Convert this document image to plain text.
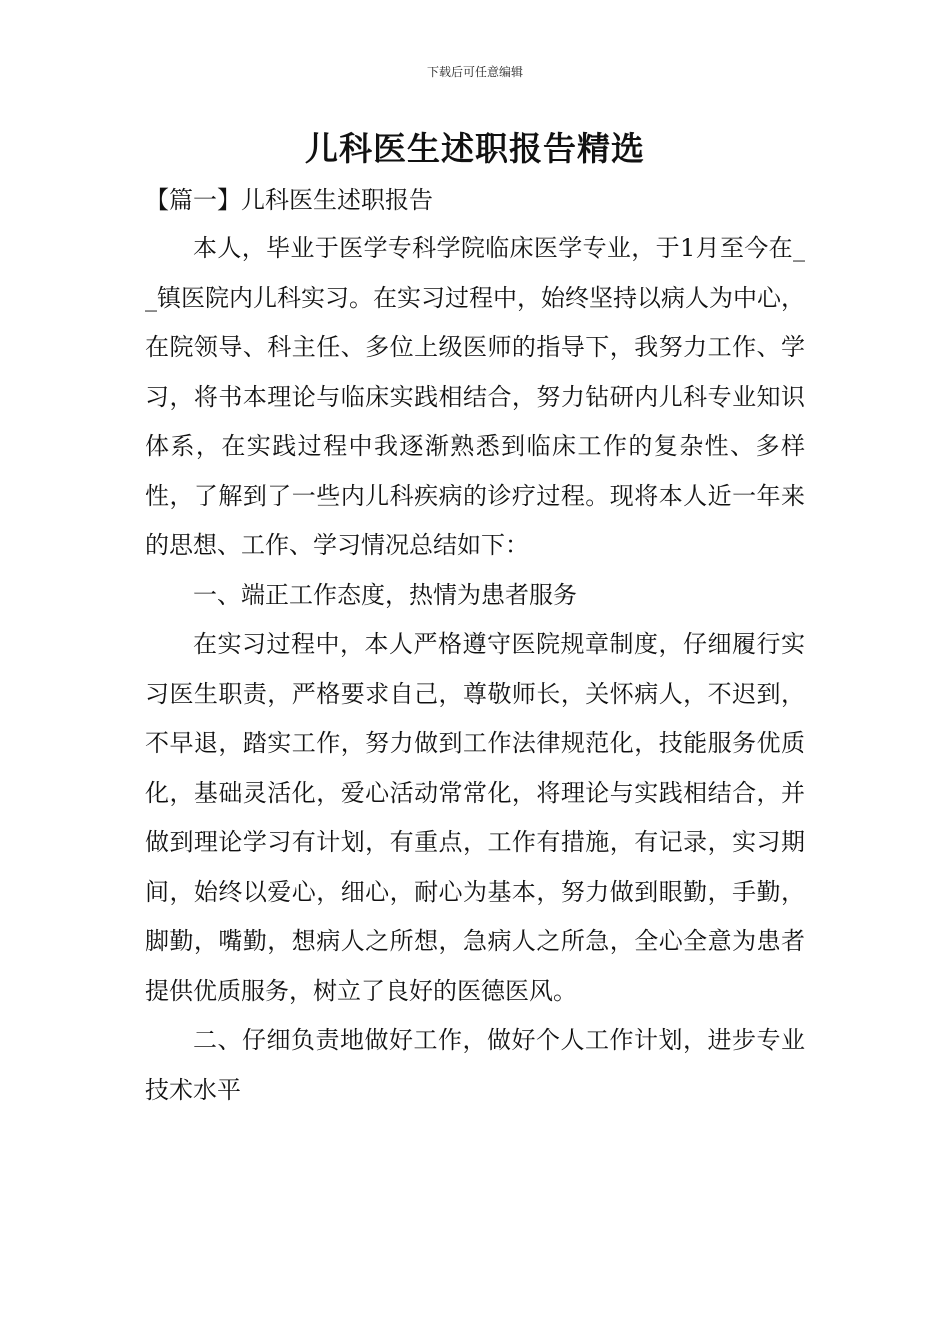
下载后可任意编辑
儿科医生述职报告精选
【篇一】儿科医生述职报告

本人，毕业于医学专科学院临床医学专业，于1月至今在__镇医院内儿科实习。在实习过程中，始终坚持以病人为中心，在院领导、科主任、多位上级医师的指导下，我努力工作、学习，将书本理论与临床实践相结合，努力钻研内儿科专业知识体系，在实践过程中我逐渐熟悉到临床工作的复杂性、多样性，了解到了一些内儿科疾病的诊疗过程。现将本人近一年来的思想、工作、学习情况总结如下：

一、端正工作态度，热情为患者服务

在实习过程中，本人严格遵守医院规章制度，仔细履行实习医生职责，严格要求自己，尊敬师长，关怀病人，不迟到，不早退，踏实工作，努力做到工作法律规范化，技能服务优质化，基础灵活化，爱心活动常常化，将理论与实践相结合，并做到理论学习有计划，有重点，工作有措施，有记录，实习期间，始终以爱心，细心，耐心为基本，努力做到眼勤，手勤，脚勤，嘴勤，想病人之所想，急病人之所急，全心全意为患者提供优质服务，树立了良好的医德医风。

二、仔细负责地做好工作，做好个人工作计划，进步专业技术水平
